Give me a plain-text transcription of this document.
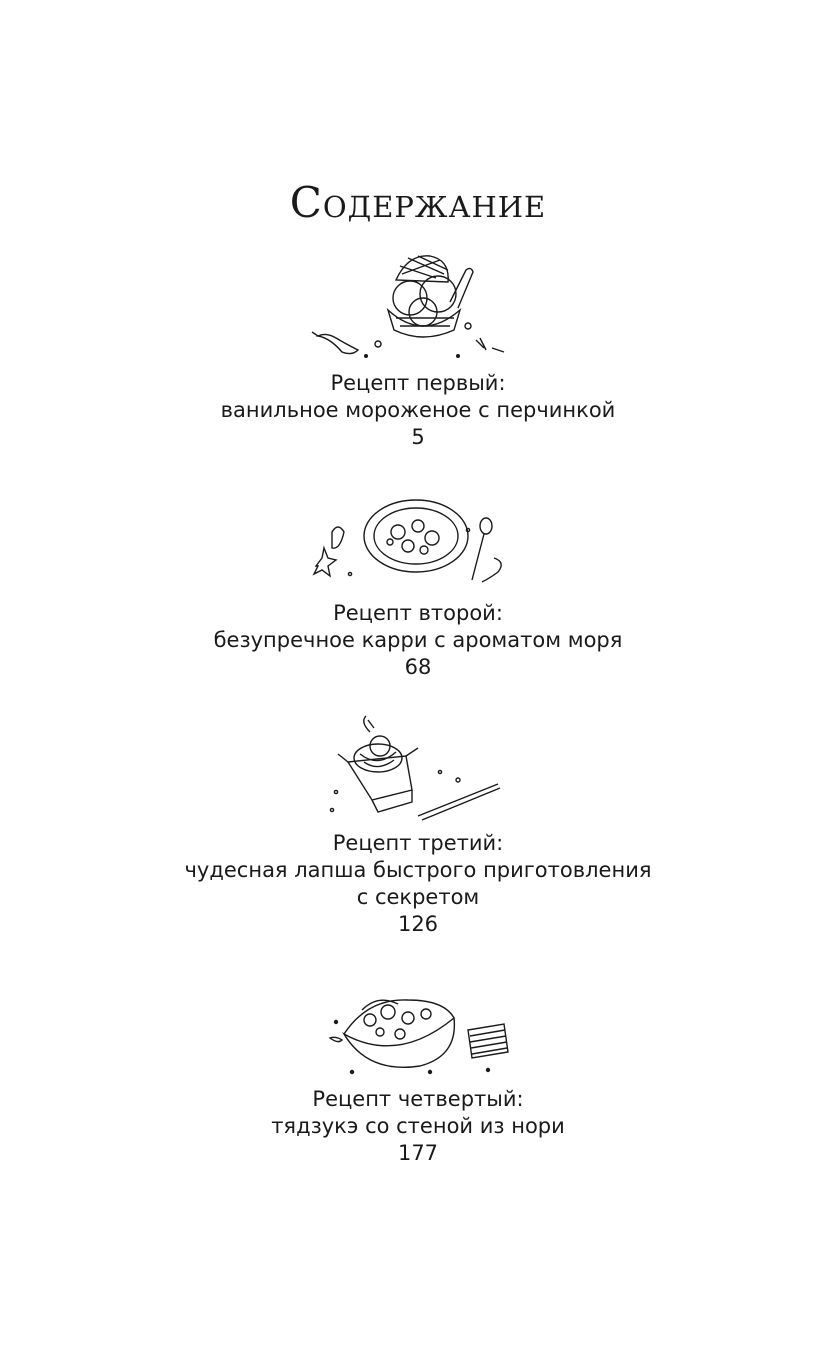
Содержание
Рецепт первый:
ванильное мороженое с перчинкой
5
Рецепт второй:
безупречное карри с ароматом моря
68
Рецепт третий:
чудесная лапша быстрого приготовления
с секретом
126
Рецепт четвертый:
тядзукэ со стеной из нори
177
